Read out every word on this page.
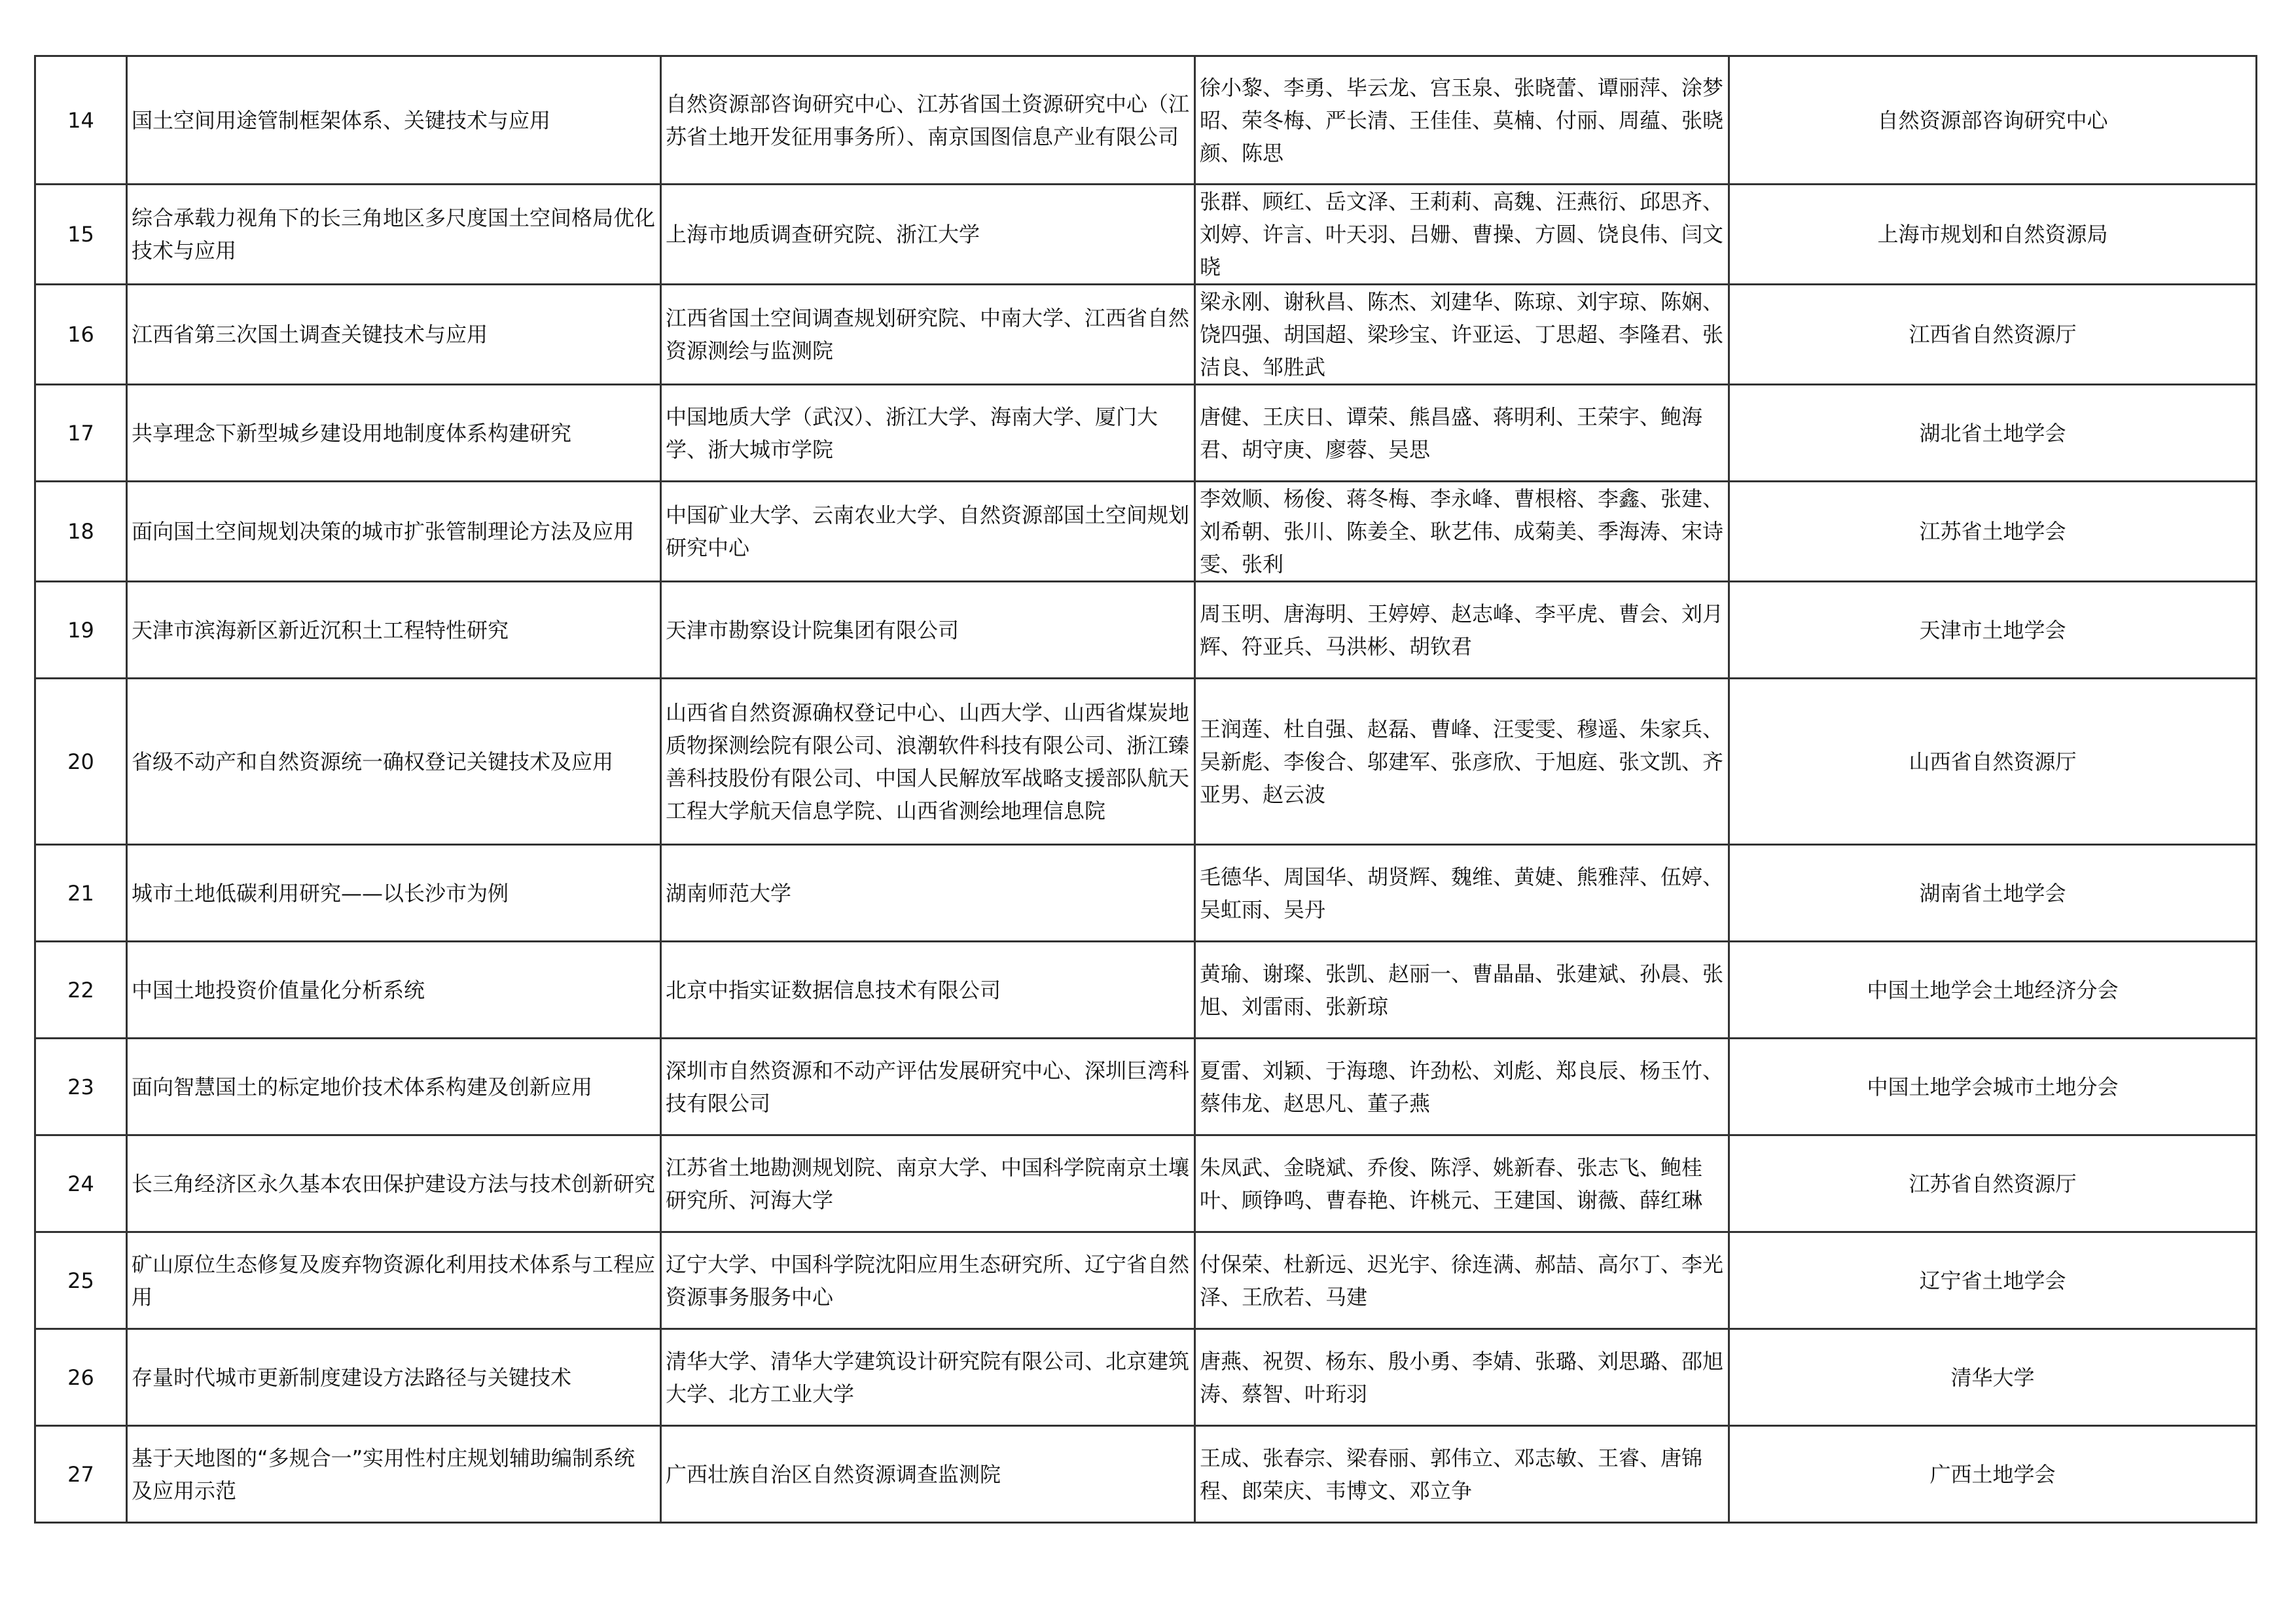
14	国土空间用途管制框架体系、关键技术与应用	自然资源部咨询研究中心、江苏省国土资源研究中心（江苏省土地开发征用事务所）、南京国图信息产业有限公司	徐小黎、李勇、毕云龙、宫玉泉、张晓蕾、谭丽萍、涂梦昭、荣冬梅、严长清、王佳佳、莫楠、付丽、周蕴、张晓颜、陈思	自然资源部咨询研究中心
15	综合承载力视角下的长三角地区多尺度国土空间格局优化技术与应用	上海市地质调查研究院、浙江大学	张群、顾红、岳文泽、王莉莉、高魏、汪燕衍、邱思齐、刘婷、许言、叶天羽、吕姗、曹操、方圆、饶良伟、闫文晓	上海市规划和自然资源局
16	江西省第三次国土调查关键技术与应用	江西省国土空间调查规划研究院、中南大学、江西省自然资源测绘与监测院	梁永刚、谢秋昌、陈杰、刘建华、陈琼、刘宇琼、陈娴、饶四强、胡国超、梁珍宝、许亚运、丁思超、李隆君、张洁良、邹胜武	江西省自然资源厅
17	共享理念下新型城乡建设用地制度体系构建研究	中国地质大学（武汉）、浙江大学、海南大学、厦门大学、浙大城市学院	唐健、王庆日、谭荣、熊昌盛、蒋明利、王荣宇、鲍海君、胡守庚、廖蓉、吴思	湖北省土地学会
18	面向国土空间规划决策的城市扩张管制理论方法及应用	中国矿业大学、云南农业大学、自然资源部国土空间规划研究中心	李效顺、杨俊、蒋冬梅、李永峰、曹根榕、李鑫、张建、刘希朝、张川、陈姜全、耿艺伟、成菊美、季海涛、宋诗雯、张利	江苏省土地学会
19	天津市滨海新区新近沉积土工程特性研究	天津市勘察设计院集团有限公司	周玉明、唐海明、王婷婷、赵志峰、李平虎、曹会、刘月辉、符亚兵、马洪彬、胡钦君	天津市土地学会
20	省级不动产和自然资源统一确权登记关键技术及应用	山西省自然资源确权登记中心、山西大学、山西省煤炭地质物探测绘院有限公司、浪潮软件科技有限公司、浙江臻善科技股份有限公司、中国人民解放军战略支援部队航天工程大学航天信息学院、山西省测绘地理信息院	王润莲、杜自强、赵磊、曹峰、汪雯雯、穆遥、朱家兵、吴新彪、李俊合、邬建军、张彦欣、于旭庭、张文凯、齐亚男、赵云波	山西省自然资源厅
21	城市土地低碳利用研究——以长沙市为例	湖南师范大学	毛德华、周国华、胡贤辉、魏维、黄婕、熊雅萍、伍婷、吴虹雨、吴丹	湖南省土地学会
22	中国土地投资价值量化分析系统	北京中指实证数据信息技术有限公司	黄瑜、谢璨、张凯、赵丽一、曹晶晶、张建斌、孙晨、张旭、刘雷雨、张新琼	中国土地学会土地经济分会
23	面向智慧国土的标定地价技术体系构建及创新应用	深圳市自然资源和不动产评估发展研究中心、深圳巨湾科技有限公司	夏雷、刘颖、于海璁、许劲松、刘彪、郑良辰、杨玉竹、蔡伟龙、赵思凡、董子燕	中国土地学会城市土地分会
24	长三角经济区永久基本农田保护建设方法与技术创新研究	江苏省土地勘测规划院、南京大学、中国科学院南京土壤研究所、河海大学	朱凤武、金晓斌、乔俊、陈浮、姚新春、张志飞、鲍桂叶、顾铮鸣、曹春艳、许桃元、王建国、谢薇、薛红琳	江苏省自然资源厅
25	矿山原位生态修复及废弃物资源化利用技术体系与工程应用	辽宁大学、中国科学院沈阳应用生态研究所、辽宁省自然资源事务服务中心	付保荣、杜新远、迟光宇、徐连满、郝喆、高尔丁、李光泽、王欣若、马建	辽宁省土地学会
26	存量时代城市更新制度建设方法路径与关键技术	清华大学、清华大学建筑设计研究院有限公司、北京建筑大学、北方工业大学	唐燕、祝贺、杨东、殷小勇、李婧、张璐、刘思璐、邵旭涛、蔡智、叶珩羽	清华大学
27	基于天地图的“多规合一”实用性村庄规划辅助编制系统及应用示范	广西壮族自治区自然资源调查监测院	王成、张春宗、梁春丽、郭伟立、邓志敏、王睿、唐锦程、郎荣庆、韦博文、邓立争	广西土地学会
